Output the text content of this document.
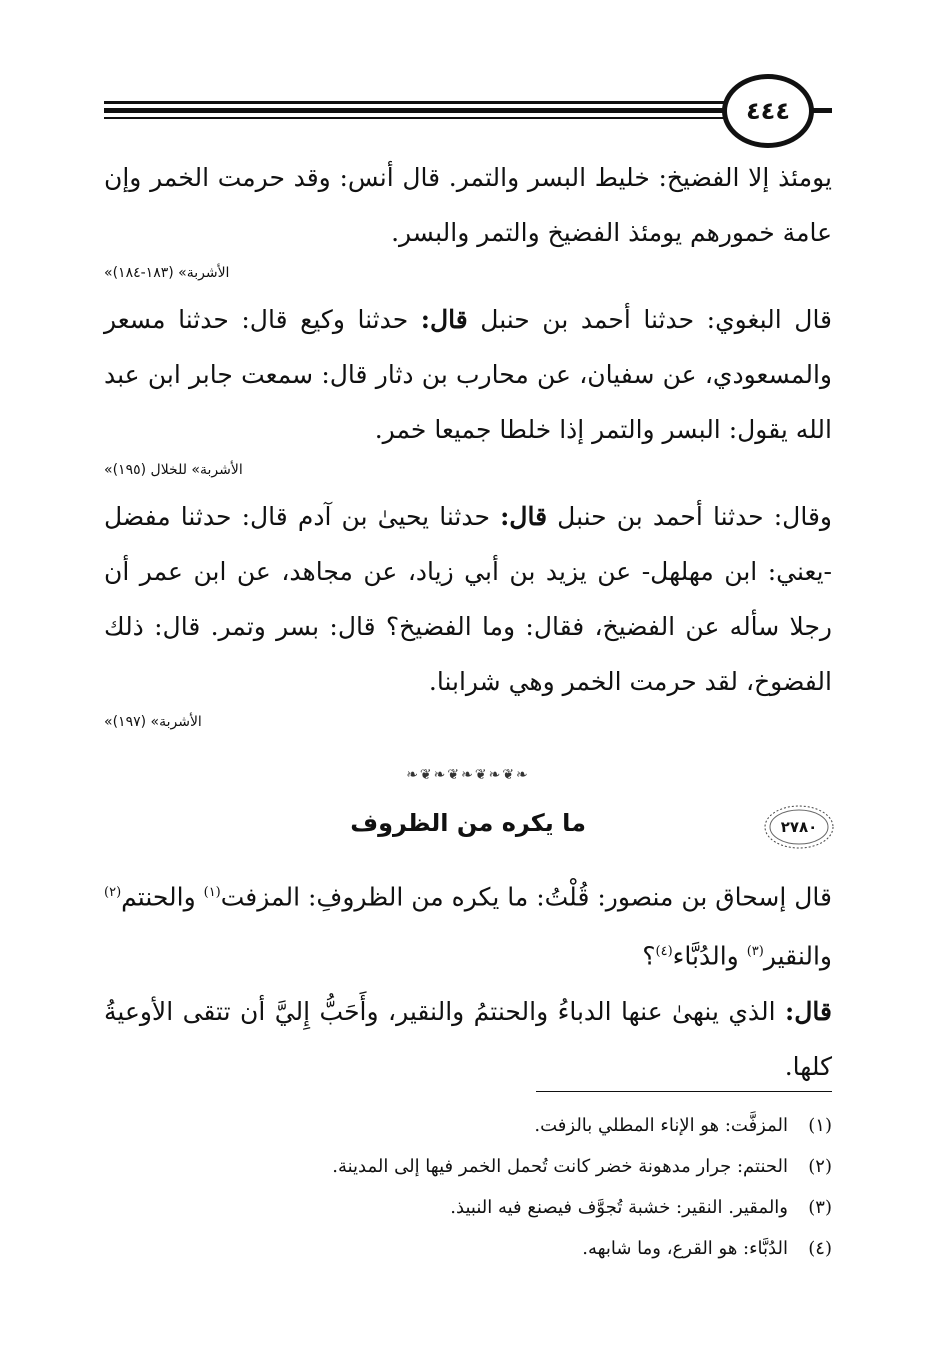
٤٤٤

يومئذ إلا الفضيخ: خليط البسر والتمر. قال أنس: وقد حرمت الخمر وإن عامة خمورهم يومئذ الفضيخ والتمر والبسر.

«الأشربة» (١٨٣-١٨٤)

قال البغوي: حدثنا أحمد بن حنبل قال: حدثنا وكيع قال: حدثنا مسعر والمسعودي، عن سفيان، عن محارب بن دثار قال: سمعت جابر ابن عبد الله يقول: البسر والتمر إذا خلطا جميعا خمر.

«الأشربة» للخلال (١٩٥)

وقال: حدثنا أحمد بن حنبل قال: حدثنا يحيىٰ بن آدم قال: حدثنا مفضل -يعني: ابن مهلهل- عن يزيد بن أبي زياد، عن مجاهد، عن ابن عمر أن رجلا سأله عن الفضيخ، فقال: وما الفضيخ؟ قال: بسر وتمر. قال: ذلك الفضوخ، لقد حرمت الخمر وهي شرابنا.

«الأشربة» (١٩٧)
❧❦❧❦❧❦❧❦❧
٢٧٨٠
ما يكره من الظروف

قال إسحاق بن منصور: قُلْتُ: ما يكره من الظروفِ: المزفت$^{(١)}$ والحنتم$^{(٢)}$ والنقير$^{(٣)}$ والدُبَّاء$^{(٤)}$؟

قال: الذي ينهىٰ عنها الدباءُ والحنتمُ والنقير، وأَحَبُّ إِليَّ أن تتقى الأوعيةُ كلها.

(١)المزفَّت: هو الإناء المطلي بالزفت.

(٢)الحنتم: جرار مدهونة خضر كانت تُحمل الخمر فيها إلى المدينة.

(٣)والمقير. النقير: خشبة تُجوَّف فيصنع فيه النبيذ.

(٤)الدُبَّاء: هو القرع، وما شابهه.
